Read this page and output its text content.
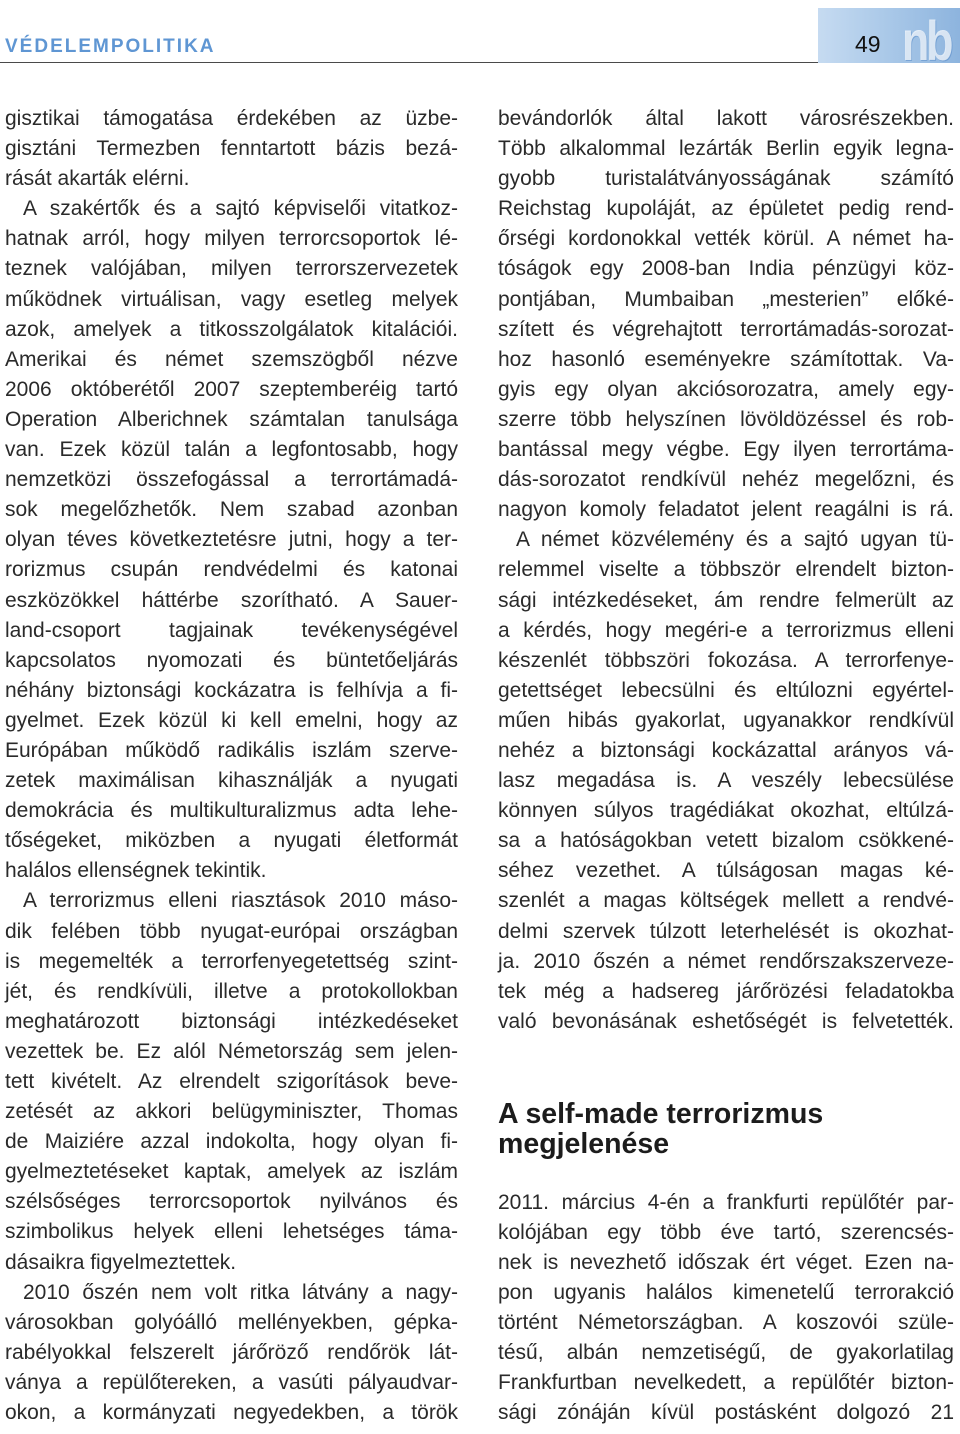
VÉDELEMPOLITIKA	49 nb
gisztikai támogatása érdekében az üzbe-
gisztáni Termezben fenntartott bázis bezá-
rását akarták elérni.
A szakértők és a sajtó képviselői vitatkoz-
hatnak arról, hogy milyen terrorcsoportok lé-
teznek valójában, milyen terrorszervezetek
működnek virtuálisan, vagy esetleg melyek
azok, amelyek a titkosszolgálatok kitalációi.
Amerikai és német szemszögből nézve
2006 októberétől 2007 szeptemberéig tartó
Operation Alberichnek számtalan tanulsága
van. Ezek közül talán a legfontosabb, hogy
nemzetközi összefogással a terrortámadá-
sok megelőzhetők. Nem szabad azonban
olyan téves következtetésre jutni, hogy a ter-
rorizmus csupán rendvédelmi és katonai
eszközökkel háttérbe szorítható. A Sauer-
land-csoport tagjainak tevékenységével
kapcsolatos nyomozati és büntetőeljárás
néhány biztonsági kockázatra is felhívja a fi-
gyelmet. Ezek közül ki kell emelni, hogy az
Európában működő radikális iszlám szerve-
zetek maximálisan kihasználják a nyugati
demokrácia és multikulturalizmus adta lehe-
tőségeket, miközben a nyugati életformát
halálos ellenségnek tekintik.
A terrorizmus elleni riasztások 2010 máso-
dik felében több nyugat-európai országban
is megemelték a terrorfenyegetettség szint-
jét, és rendkívüli, illetve a protokollokban
meghatározott biztonsági intézkedéseket
vezettek be. Ez alól Németország sem jelen-
tett kivételt. Az elrendelt szigorítások beve-
zetését az akkori belügyminiszter, Thomas
de Maiziére azzal indokolta, hogy olyan fi-
gyelmeztetéseket kaptak, amelyek az iszlám
szélsőséges terrorcsoportok nyilvános és
szimbolikus helyek elleni lehetséges táma-
dásaikra figyelmeztettek.
2010 őszén nem volt ritka látvány a nagy-
városokban golyóálló mellényekben, gépka-
rabélyokkal felszerelt járőröző rendőrök lát-
ványa a repülőtereken, a vasúti pályaudvar-
okon, a kormányzati negyedekben, a török
bevándorlók által lakott városrészekben.
Több alkalommal lezárták Berlin egyik legna-
gyobb turistalátványosságának számító
Reichstag kupoláját, az épületet pedig rend-
őrségi kordonokkal vették körül. A német ha-
tóságok egy 2008-ban India pénzügyi köz-
pontjában, Mumbaiban „mesterien” előké-
szített és végrehajtott terrortámadás-sorozat-
hoz hasonló eseményekre számítottak. Va-
gyis egy olyan akciósorozatra, amely egy-
szerre több helyszínen lövöldözéssel és rob-
bantással megy végbe. Egy ilyen terrortáma-
dás-sorozatot rendkívül nehéz megelőzni, és
nagyon komoly feladatot jelent reagálni is rá.
A német közvélemény és a sajtó ugyan tü-
relemmel viselte a többször elrendelt bizton-
sági intézkedéseket, ám rendre felmerült az
a kérdés, hogy megéri-e a terrorizmus elleni
készenlét többszöri fokozása. A terrorfenye-
getettséget lebecsülni és eltúlozni egyértel-
műen hibás gyakorlat, ugyanakkor rendkívül
nehéz a biztonsági kockázattal arányos vá-
lasz megadása is. A veszély lebecsülése
könnyen súlyos tragédiákat okozhat, eltúlzá-
sa a hatóságokban vetett bizalom csökkené-
séhez vezethet. A túlságosan magas ké-
szenlét a magas költségek mellett a rendvé-
delmi szervek túlzott leterhelését is okozhat-
ja. 2010 őszén a német rendőrszakszerveze-
tek még a hadsereg járőrözési feladatokba
való bevonásának eshetőségét is felvetették.
A self-made terrorizmus
megjelenése
2011. március 4-én a frankfurti repülőtér par-
kolójában egy több éve tartó, szerencsés-
nek is nevezhető időszak ért véget. Ezen na-
pon ugyanis halálos kimenetelű terrorakció
történt Németországban. A koszovói szüle-
tésű, albán nemzetiségű, de gyakorlatilag
Frankfurtban nevelkedett, a repülőtér bizton-
sági zónáján kívül postásként dolgozó 21
